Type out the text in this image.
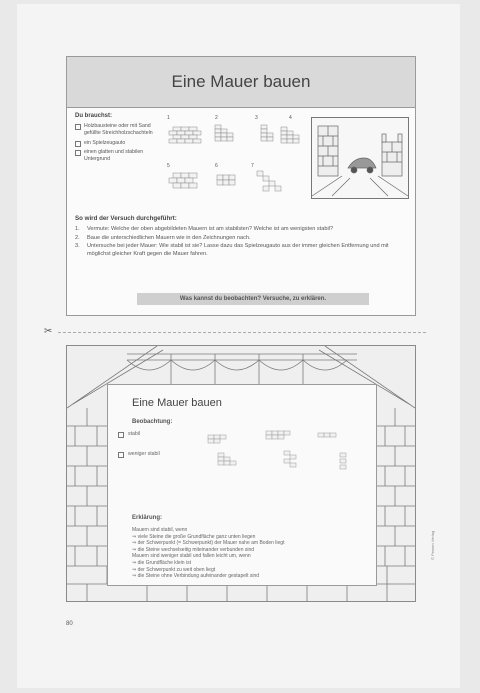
Eine Mauer bauen
Du brauchst:
Holzbausteine oder mit Sand gefüllte Streichholzschachteln
ein Spielzeugauto
einen glatten und stabilen Untergrund
1	2	3	4
5	6	7
So wird der Versuch durchgeführt:
1.	Vermute: Welche der oben abgebildeten Mauern ist am stabilsten? Welche ist am wenigsten stabil?
2.	Baue die unterschiedlichen Mauern wie in den Zeichnungen nach.
3.	Untersuche bei jeder Mauer: Wie stabil ist sie? Lasse dazu das Spielzeugauto aus der immer gleichen Entfernung und mit möglichst gleicher Kraft gegen die Mauer fahren.
Was kannst du beobachten? Versuche, zu erklären.
✂
Eine Mauer bauen
Beobachtung:
stabil
weniger stabil
Erklärung:
Mauern sind stabil, wenn
⇒ viele Steine die große Grundfläche ganz unten liegen
⇒ der Schwerpunkt (= Schwerpunkt) der Mauer nahe am Boden liegt
⇒ die Steine wechselseitig miteinander verbunden sind
Mauern sind weniger stabil und fallen leicht um, wenn
⇒ die Grundfläche klein ist
⇒ der Schwerpunkt zu weit oben liegt
⇒ die Steine ohne Verbindung aufeinander gestapelt sind
80
© Persen Verlag
